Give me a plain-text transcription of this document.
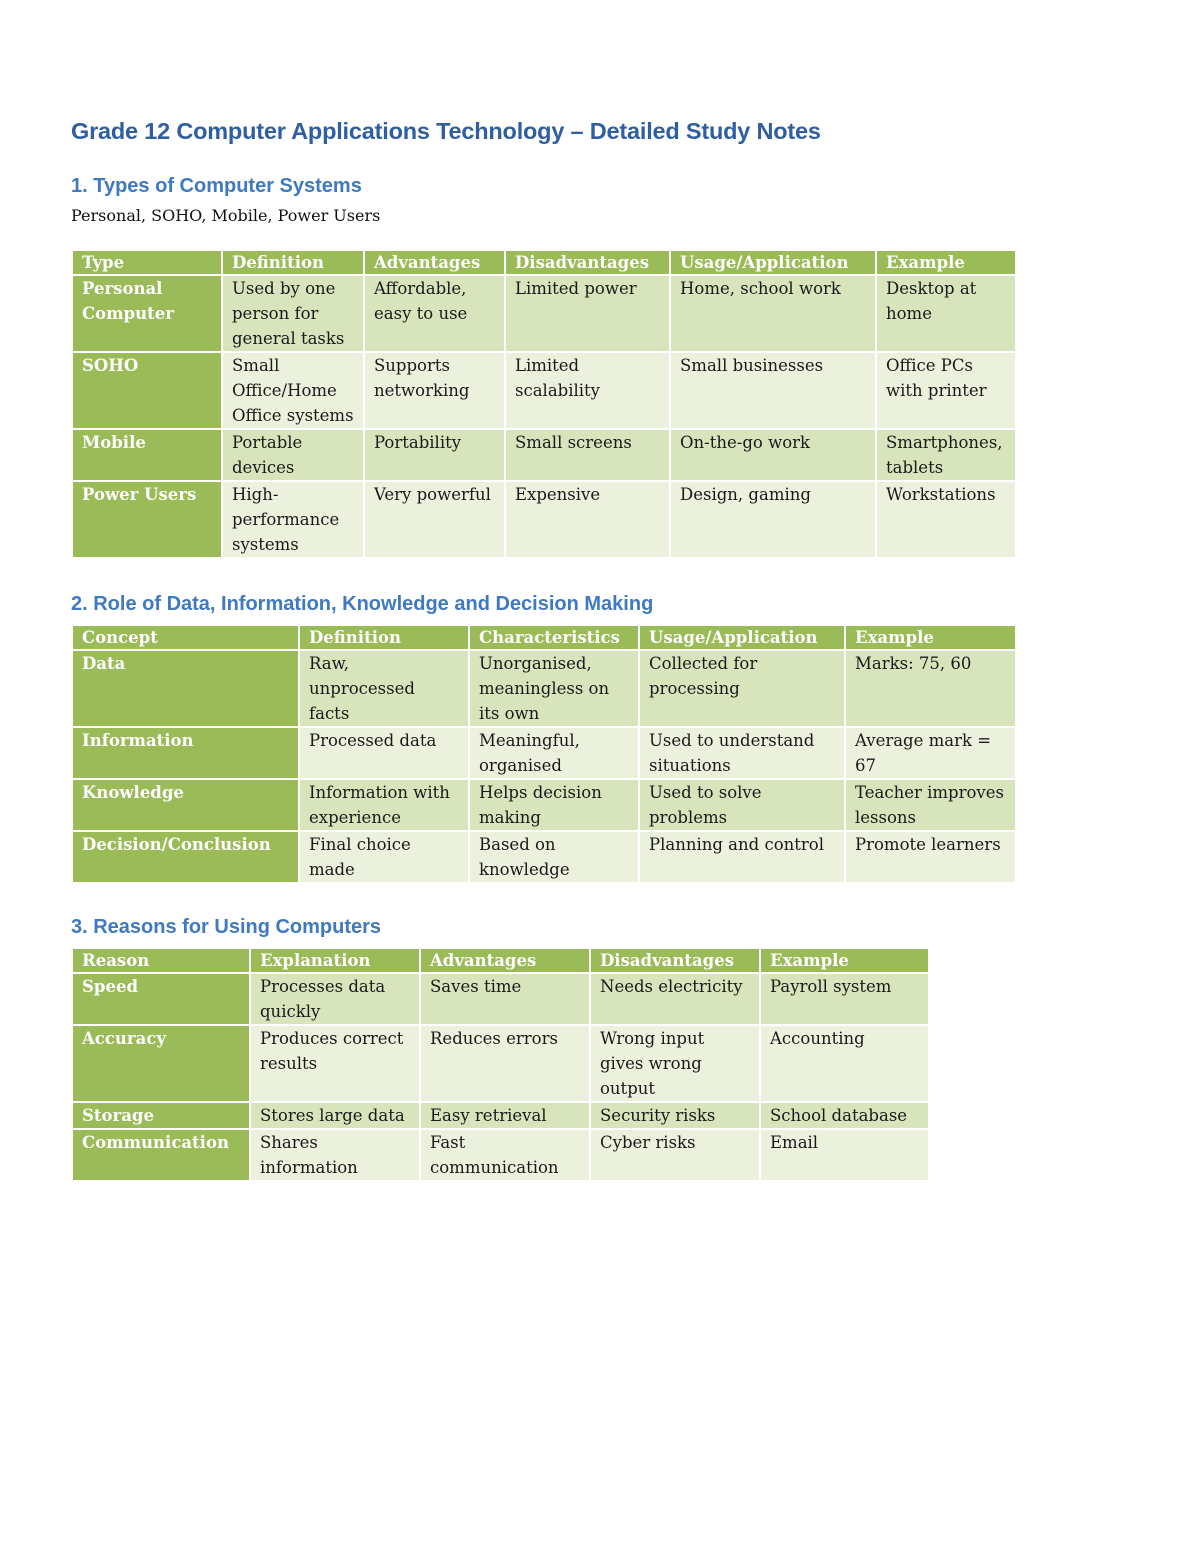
Grade 12 Computer Applications Technology – Detailed Study Notes
1. Types of Computer Systems

Personal, SOHO, Mobile, Power Users

Type	Definition	Advantages	Disadvantages	Usage/Application	Example
Personal Computer	Used by one person for general tasks	Affordable, easy to use	Limited power	Home, school work	Desktop at home
SOHO	Small Office/Home Office systems	Supports networking	Limited scalability	Small businesses	Office PCs with printer
Mobile	Portable devices	Portability	Small screens	On-the-go work	Smartphones, tablets
Power Users	High-performance systems	Very powerful	Expensive	Design, gaming	Workstations
2. Role of Data, Information, Knowledge and Decision Making
Concept	Definition	Characteristics	Usage/Application	Example
Data	Raw, unprocessed facts	Unorganised, meaningless on its own	Collected for processing	Marks: 75, 60
Information	Processed data	Meaningful, organised	Used to understand situations	Average mark = 67
Knowledge	Information with experience	Helps decision making	Used to solve problems	Teacher improves lessons
Decision/Conclusion	Final choice made	Based on knowledge	Planning and control	Promote learners
3. Reasons for Using Computers
Reason	Explanation	Advantages	Disadvantages	Example
Speed	Processes data quickly	Saves time	Needs electricity	Payroll system
Accuracy	Produces correct results	Reduces errors	Wrong input gives wrong output	Accounting
Storage	Stores large data	Easy retrieval	Security risks	School database
Communication	Shares information	Fast communication	Cyber risks	Email
